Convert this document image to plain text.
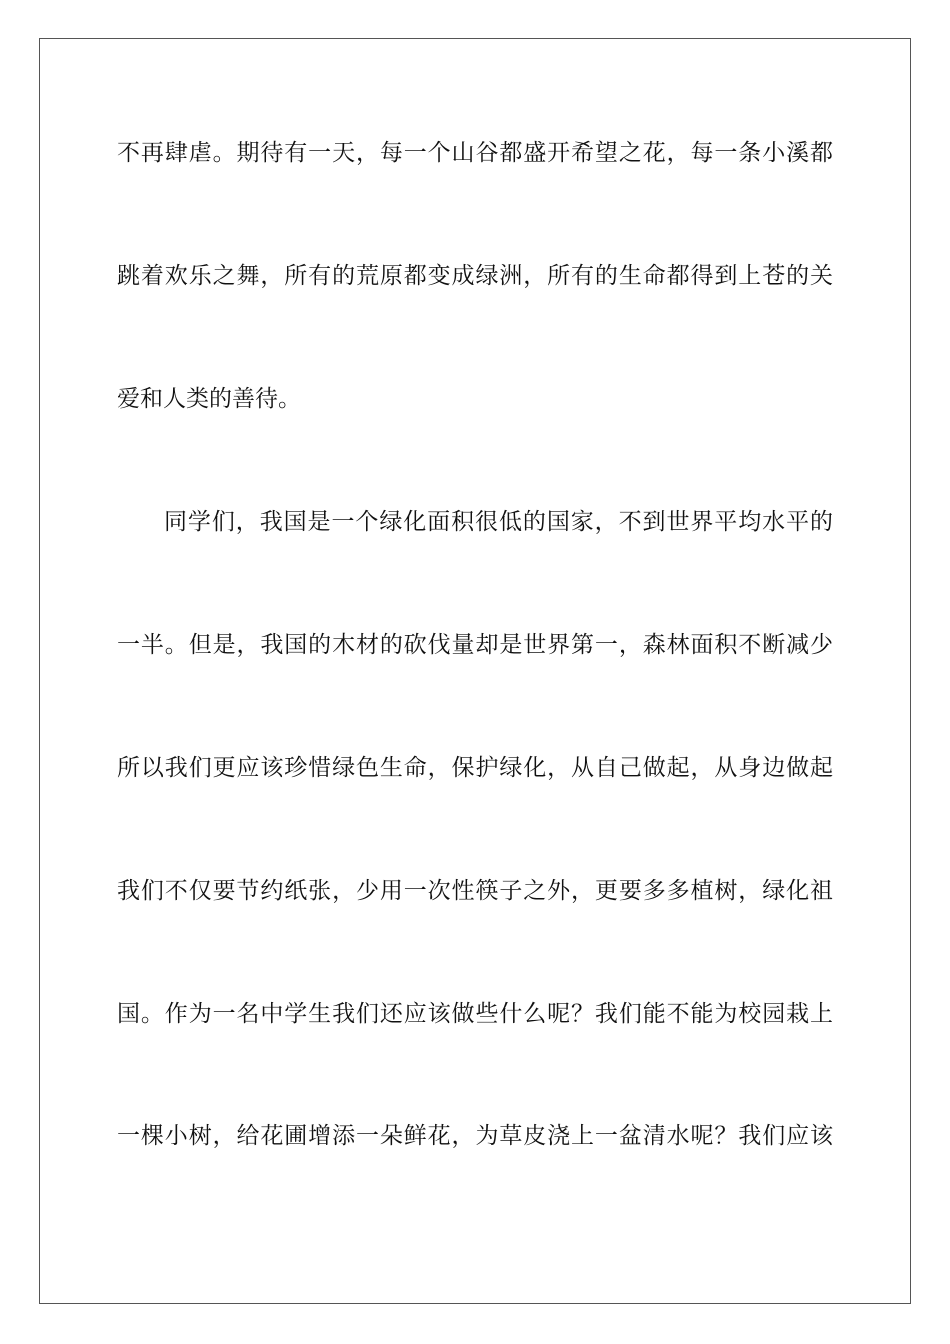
不再肆虐。期待有一天，每一个山谷都盛开希望之花，每一条小溪都
跳着欢乐之舞，所有的荒原都变成绿洲，所有的生命都得到上苍的关
爱和人类的善待。
同学们，我国是一个绿化面积很低的国家，不到世界平均水平的
一半。但是，我国的木材的砍伐量却是世界第一，森林面积不断减少
所以我们更应该珍惜绿色生命，保护绿化，从自己做起，从身边做起
我们不仅要节约纸张，少用一次性筷子之外，更要多多植树，绿化祖
国。作为一名中学生我们还应该做些什么呢？我们能不能为校园栽上
一棵小树，给花圃增添一朵鲜花，为草皮浇上一盆清水呢？我们应该
